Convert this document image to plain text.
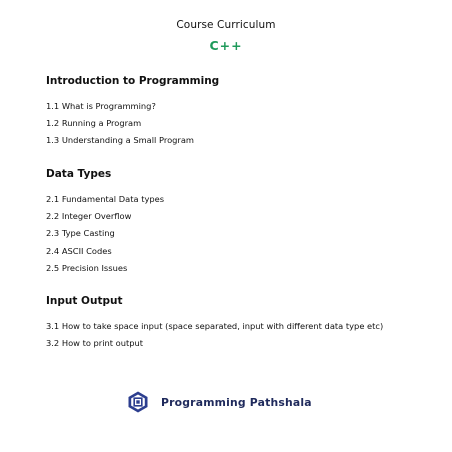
Course Curriculum
C++
Introduction to Programming
1.1 What is Programming?
1.2 Running a Program
1.3 Understanding a Small Program
Data Types
2.1 Fundamental Data types
2.2 Integer Overflow
2.3 Type Casting
2.4 ASCII Codes
2.5 Precision Issues
Input Output
3.1 How to take space input (space separated, input with different data type etc)
3.2 How to print output
Programming Pathshala
